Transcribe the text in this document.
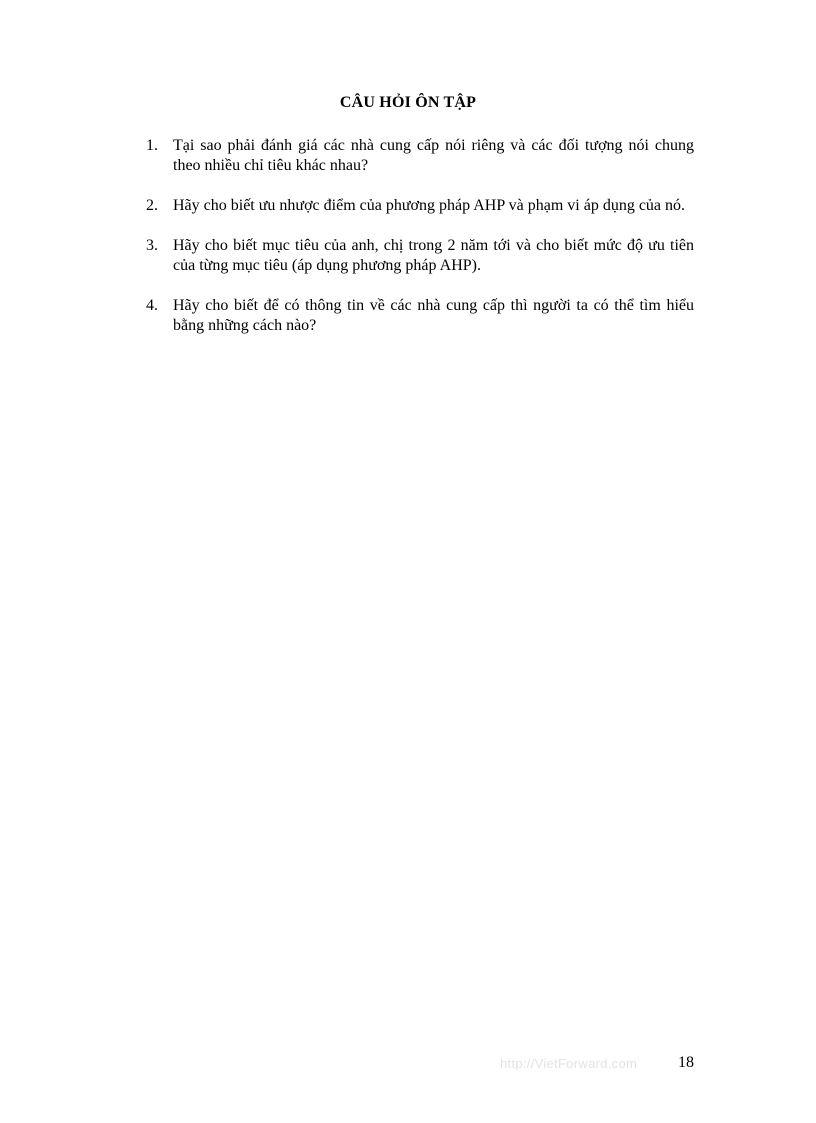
CÂU HỎI ÔN TẬP
1. Tại sao phải đánh giá các nhà cung cấp nói riêng và các đối tượng nói chung theo nhiều chỉ tiêu khác nhau?
2. Hãy cho biết ưu nhược điểm của phương pháp AHP và phạm vi áp dụng của nó.
3. Hãy cho biết mục tiêu của anh, chị trong 2 năm tới và cho biết mức độ ưu tiên của từng mục tiêu (áp dụng phương pháp AHP).
4. Hãy cho biết để có thông tin về các nhà cung cấp thì người ta có thể tìm hiểu bằng những cách nào?
http://VietForward.com	18
